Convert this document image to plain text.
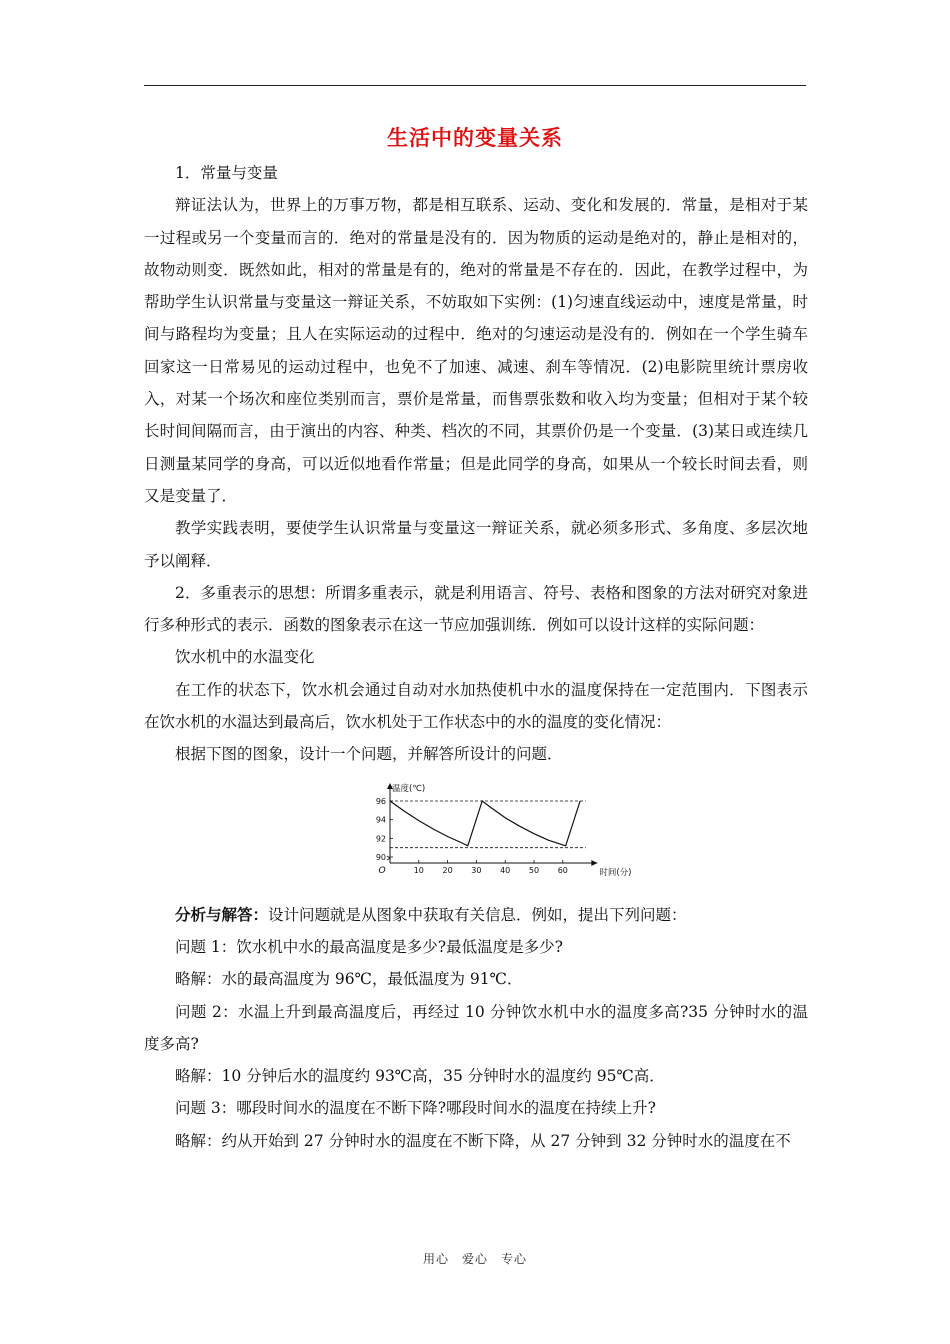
生活中的变量关系

1．常量与变量

辩证法认为，世界上的万事万物，都是相互联系、运动、变化和发展的．常量，是相对于某一过程或另一个变量而言的．绝对的常量是没有的．因为物质的运动是绝对的，静止是相对的，故物动则变．既然如此，相对的常量是有的，绝对的常量是不存在的．因此，在教学过程中，为帮助学生认识常量与变量这一辩证关系，不妨取如下实例：(1)匀速直线运动中，速度是常量，时间与路程均为变量；且人在实际运动的过程中．绝对的匀速运动是没有的．例如在一个学生骑车回家这一日常易见的运动过程中，也免不了加速、减速、刹车等情况．(2)电影院里统计票房收入，对某一个场次和座位类别而言，票价是常量，而售票张数和收入均为变量；但相对于某个较长时间间隔而言，由于演出的内容、种类、档次的不同，其票价仍是一个变量．(3)某日或连续几日测量某同学的身高，可以近似地看作常量；但是此同学的身高，如果从一个较长时间去看，则又是变量了．

教学实践表明，要使学生认识常量与变量这一辩证关系，就必须多形式、多角度、多层次地予以阐释．

2．多重表示的思想：所谓多重表示，就是利用语言、符号、表格和图象的方法对研究对象进行多种形式的表示．函数的图象表示在这一节应加强训练．例如可以设计这样的实际问题：

饮水机中的水温变化

在工作的状态下，饮水机会通过自动对水加热使机中水的温度保持在一定范围内．下图表示在饮水机的水温达到最高后，饮水机处于工作状态中的水的温度的变化情况：

根据下图的图象，设计一个问题，并解答所设计的问题．

10 20 30 40 50 60
90
92
94
96
温度(℃)
时间(分)
O

分析与解答：设计问题就是从图象中获取有关信息．例如，提出下列问题：

问题 1：饮水机中水的最高温度是多少?最低温度是多少?

略解：水的最高温度为 96℃，最低温度为 91℃．

问题 2：水温上升到最高温度后，再经过 10 分钟饮水机中水的温度多高?35 分钟时水的温度多高?

略解：10 分钟后水的温度约 93℃高，35 分钟时水的温度约 95℃高．

问题 3：哪段时间水的温度在不断下降?哪段时间水的温度在持续上升?

略解：约从开始到 27 分钟时水的温度在不断下降，从 27 分钟到 32 分钟时水的温度在不

用心　爱心　专心
